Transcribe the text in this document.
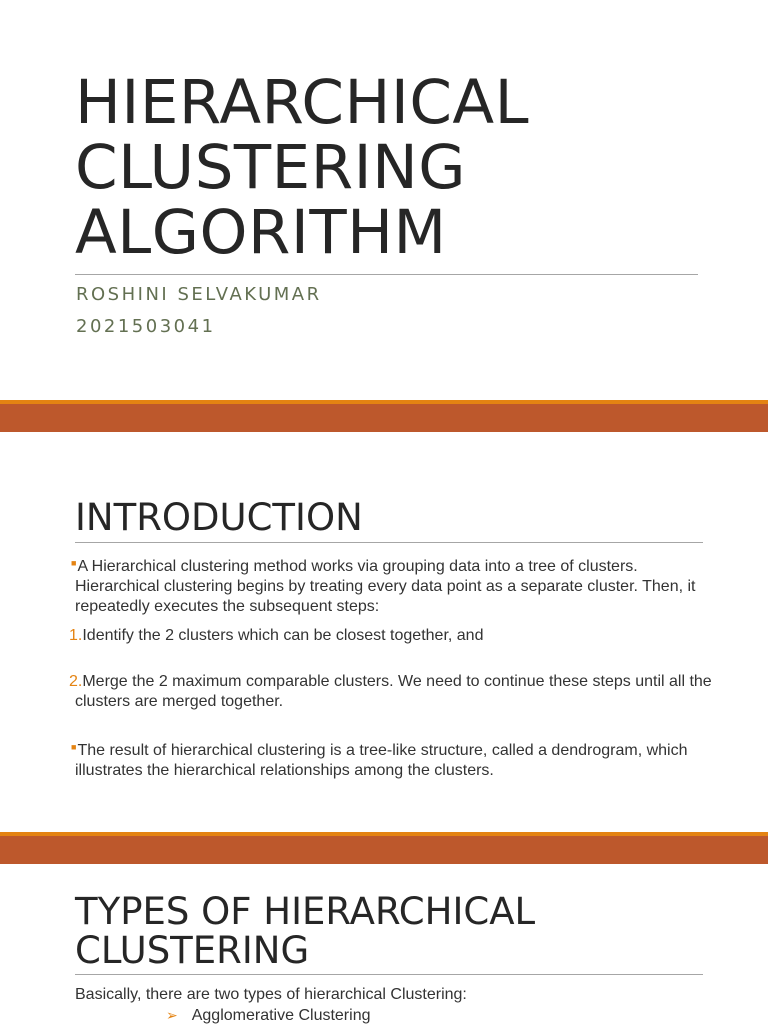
HIERARCHICAL
CLUSTERING
ALGORITHM
ROSHINI SELVAKUMAR
2021503041
INTRODUCTION
■A Hierarchical clustering method works via grouping data into a tree of clusters. Hierarchical clustering begins by treating every data point as a separate cluster. Then, it repeatedly executes the subsequent steps:
1.Identify the 2 clusters which can be closest together, and
2.Merge the 2 maximum comparable clusters. We need to continue these steps until all the clusters are merged together.
■The result of hierarchical clustering is a tree-like structure, called a dendrogram, which illustrates the hierarchical relationships among the clusters.
TYPES OF HIERARCHICAL
CLUSTERING
Basically, there are two types of hierarchical Clustering:
➢ Agglomerative Clustering
